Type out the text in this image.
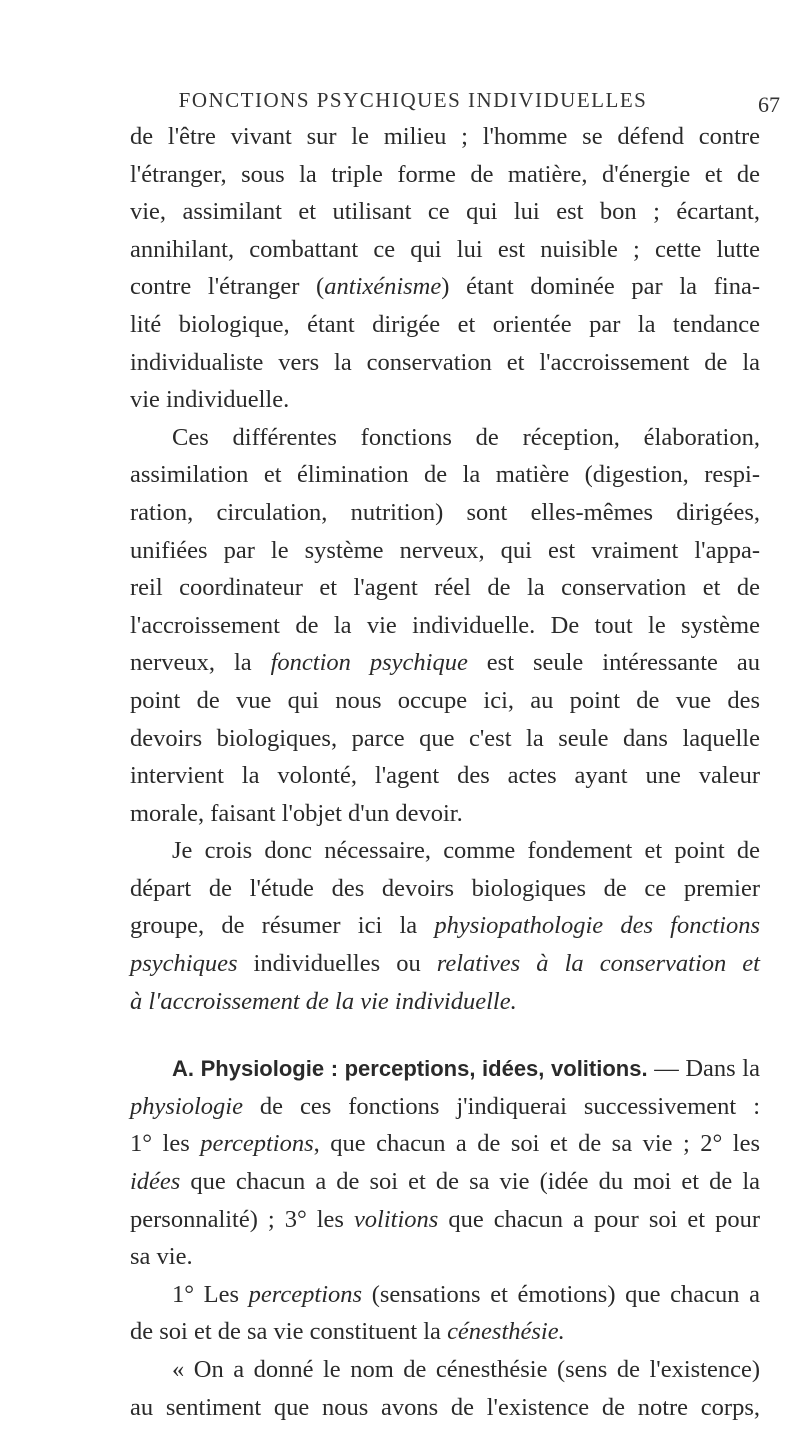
FONCTIONS PSYCHIQUES INDIVIDUELLES	67
de l'être vivant sur le milieu ; l'homme se défend contre
l'étranger, sous la triple forme de matière, d'énergie et de
vie, assimilant et utilisant ce qui lui est bon ; écartant,
annihilant, combattant ce qui lui est nuisible ; cette lutte
contre l'étranger (antixénisme) étant dominée par la fina-
lité biologique, étant dirigée et orientée par la tendance
individualiste vers la conservation et l'accroissement de la
vie individuelle.
Ces différentes fonctions de réception, élaboration,
assimilation et élimination de la matière (digestion, respi-
ration, circulation, nutrition) sont elles-mêmes dirigées,
unifiées par le système nerveux, qui est vraiment l'appa-
reil coordinateur et l'agent réel de la conservation et de
l'accroissement de la vie individuelle. De tout le système
nerveux, la fonction psychique est seule intéressante au
point de vue qui nous occupe ici, au point de vue des
devoirs biologiques, parce que c'est la seule dans laquelle
intervient la volonté, l'agent des actes ayant une valeur
morale, faisant l'objet d'un devoir.
Je crois donc nécessaire, comme fondement et point de
départ de l'étude des devoirs biologiques de ce premier
groupe, de résumer ici la physiopathologie des fonctions
psychiques individuelles ou relatives à la conservation et
à l'accroissement de la vie individuelle.
A. Physiologie : perceptions, idées, volitions. — Dans la
physiologie de ces fonctions j'indiquerai successivement :
1° les perceptions, que chacun a de soi et de sa vie ; 2° les
idées que chacun a de soi et de sa vie (idée du moi et de la
personnalité) ; 3° les volitions que chacun a pour soi et pour
sa vie.
1° Les perceptions (sensations et émotions) que chacun a
de soi et de sa vie constituent la cénesthésie.
« On a donné le nom de cénesthésie (sens de l'existence)
au sentiment que nous avons de l'existence de notre corps,
